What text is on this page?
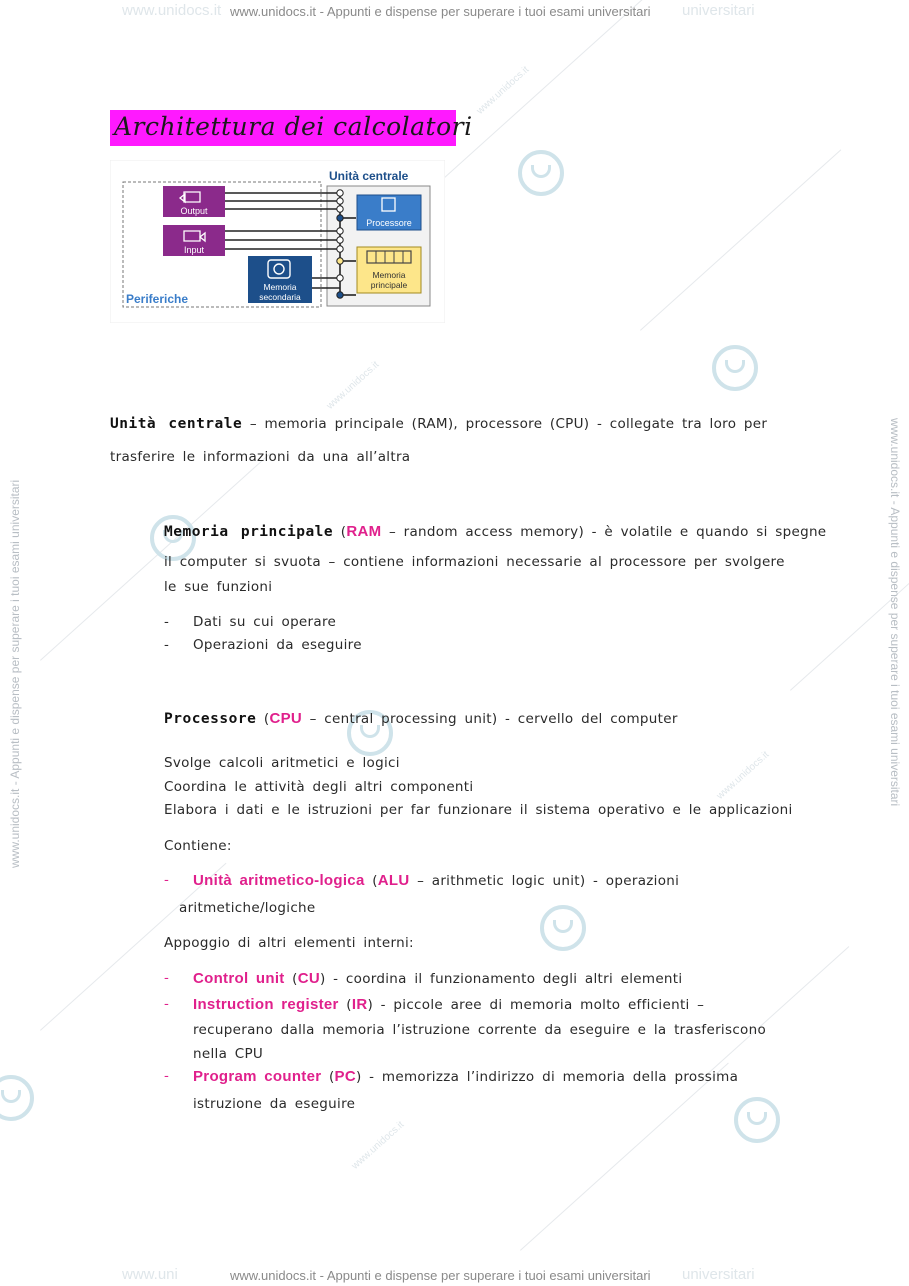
www.unidocs.it
www.unidocs.it
www.unidocs.it
www.unidocs.it
www.unidocs.it	universitari
www.unidocs.it - Appunti e dispense per superare i tuoi esami universitari
www.uni	universitari
www.unidocs.it - Appunti e dispense per superare i tuoi esami universitari
www.unidocs.it - Appunti e dispense per superare i tuoi esami universitari	www.unidocs.it - Appunti e dispense per superare i tuoi esami universitari
Architettura dei calcolatori
Unità centrale
Periferiche
Output
Input
Memoria
secondaria
Processore
Memoria
principale
Unità centrale – memoria principale (RAM), processore (CPU) - collegate tra loro per
trasferire le informazioni da una all’altra
Memoria principale (RAM – random access memory) - è volatile e quando si spegne
il computer si svuota – contiene informazioni necessarie al processore per svolgere
le sue funzioni
- Dati su cui operare
- Operazioni da eseguire
Processore (CPU – central processing unit) - cervello del computer
Svolge calcoli aritmetici e logici
Coordina le attività degli altri componenti
Elabora i dati e le istruzioni per far funzionare il sistema operativo e le applicazioni
Contiene:
- Unità aritmetico-logica (ALU – arithmetic logic unit) - operazioni
aritmetiche/logiche
Appoggio di altri elementi interni:
- Control unit (CU) - coordina il funzionamento degli altri elementi
- Instruction register (IR) - piccole aree di memoria molto efficienti –
recuperano dalla memoria l’istruzione corrente da eseguire e la trasferiscono
nella CPU
- Program counter (PC) - memorizza l’indirizzo di memoria della prossima
istruzione da eseguire
